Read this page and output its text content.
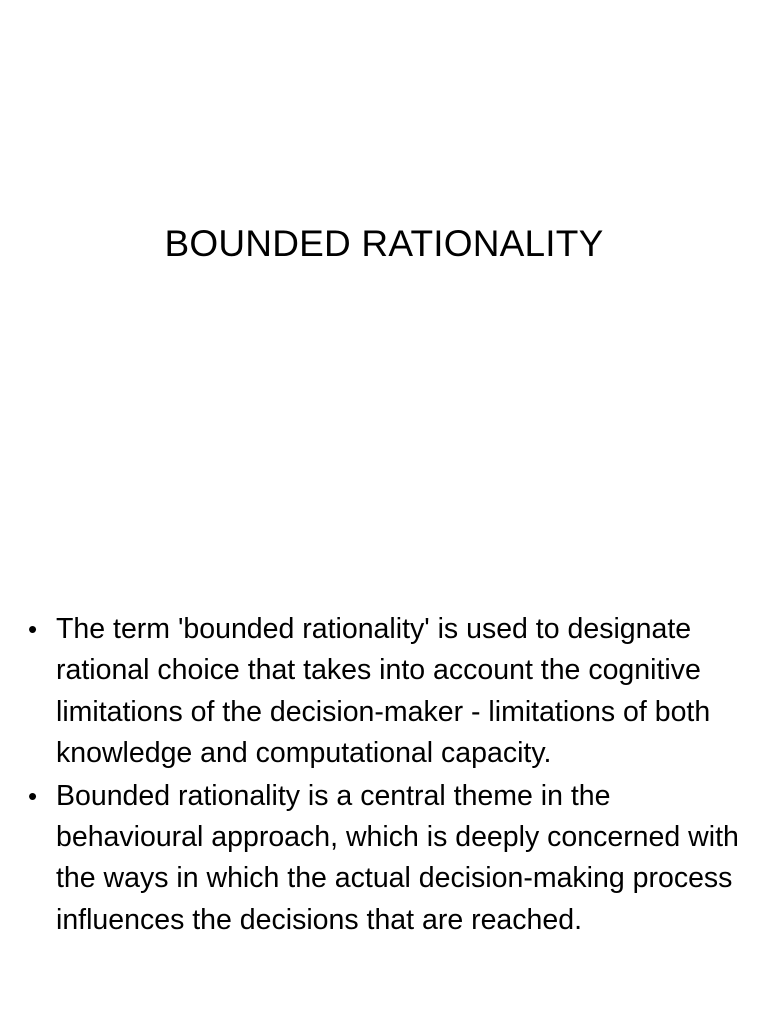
BOUNDED RATIONALITY
• The term 'bounded rationality' is used to designate rational choice that takes into account the cognitive limitations of the decision-maker - limitations of both knowledge and computational capacity.
• Bounded rationality is a central theme in the behavioural approach, which is deeply concerned with the ways in which the actual decision-making process influences the decisions that are reached.
